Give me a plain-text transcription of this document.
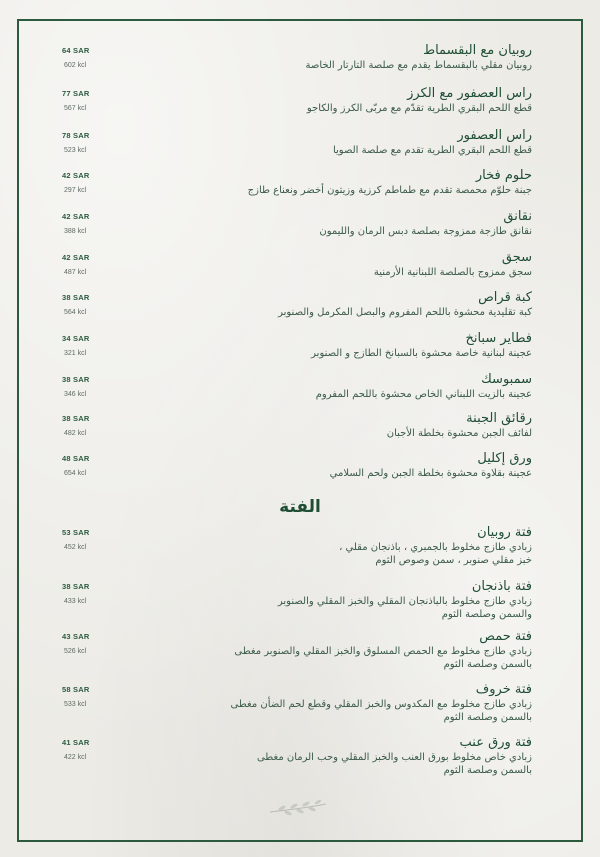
64 SAR
602 kcl
روبيان مع البقسماط
روبيان مقلي بالبقسماط يقدم مع صلصة التارتار الخاصة
77 SAR
567 kcl
راس العصفور مع الكرز
قطع اللحم البقري الطرية تقدّم مع مربّى الكرز والكاجو
78 SAR
523 kcl
راس العصفور
قطع اللحم البقري الطرية تقدم مع صلصة الصويا
42 SAR
297 kcl
حلوم فخار
جبنة حلوّم محمصة تقدم مع طماطم كرزية وزيتون أخضر ونعناع طازج
42 SAR
388 kcl
نقانق
نقانق طازجة ممزوجة بصلصة دبس الرمان والليمون
42 SAR
487 kcl
سجق
سجق ممزوج بالصلصة اللبنانية الأرمنية
38 SAR
564 kcl
كبة قراص
كبة تقليدية محشوة باللحم المفروم والبصل المكرمل والصنوبر
34 SAR
321 kcl
فطاير سبانخ
عجينة لبنانية خاصة محشوة بالسبانخ الطازج و الصنوبر
38 SAR
346 kcl
سمبوسك
عجينة بالزيت اللبناني الخاص محشوة باللحم المفروم
38 SAR
482 kcl
رقائق الجبنة
لفائف الجبن محشوة بخلطة الأجبان
48 SAR
654 kcl
ورق إكليل
عجينة بقلاوة محشوة بخلطة الجبن ولحم السلامي
الفتة
53 SAR
452 kcl
فتة روبيان
زبادي طازج مخلوط بالجمبري ، باذنجان مقلي ، خبز مقلي صنوبر ، سمن وصوص الثوم
38 SAR
433 kcl
فتة باذنجان
زبادي طازج مخلوط بالباذنجان المقلي والخبز المقلي والصنوبر والسمن وصلصة الثوم
43 SAR
526 kcl
فتة حمص
زبادي طازج مخلوط مع الحمص المسلوق والخبز المقلي والصنوبر مغطى بالسمن وصلصة الثوم
58 SAR
533 kcl
فتة خروف
زبادي طازج مخلوط مع المكدوس والخبز المقلي وقطع لحم الضأن مغطى بالسمن وصلصة الثوم
41 SAR
422 kcl
فتة ورق عنب
زبادي خاص مخلوط بورق العنب والخبز المقلي وحب الرمان مغطى بالسمن وصلصة الثوم
